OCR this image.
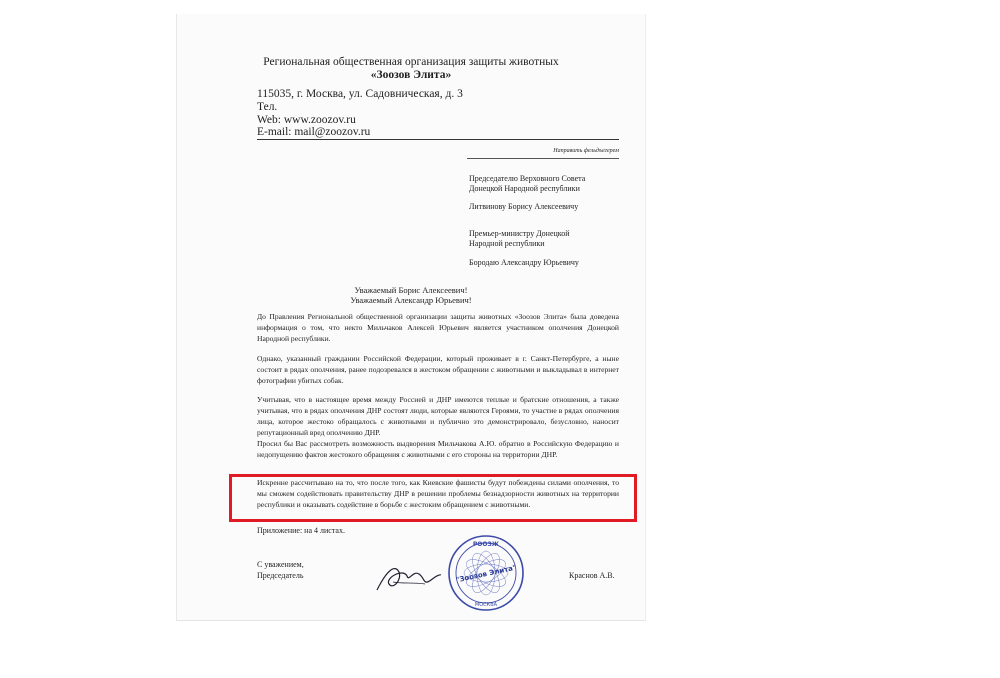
Региональная общественная организация защиты животных
«Зоозов Элита»
115035, г. Москва, ул. Садовническая, д. 3
Тел.
Web: www.zoozov.ru
E-mail: mail@zoozov.ru
Направить фельдъегерем
Председателю Верховного Совета
Донецкой Народной республики
Литвинову Борису Алексеевичу
Премьер-министру Донецкой
Народной республики
Бородаю Александру Юрьевичу
Уважаемый Борис Алексеевич!
Уважаемый Александр Юрьевич!
До Правления Региональной общественной организации защиты животных «Зоозов Элита» была доведена информация о том, что некто Мильчаков Алексей Юрьевич является участником ополчения Донецкой Народной республики.
Однако, указанный гражданин Российской Федерации, который проживает в г. Санкт-Петербурге, а ныне состоит в рядах ополчения, ранее подозревался в жестоком обращении с животными и выкладывал в интернет фотографии убитых собак.
Учитывая, что в настоящее время между Россией и ДНР имеются теплые и братские отношения, а также учитывая, что в рядах ополчения ДНР состоят люди, которые являются Героями, то участие в рядах ополчения лица, которое жестоко обращалось с животными и публично это демонстрировало, безусловно, наносит репутационный вред ополчению ДНР.
Просил бы Вас рассмотреть возможность выдворения Мильчакова А.Ю. обратно в Российскую Федерацию и недопущению фактов жестокого обращения с животными с его стороны на территории ДНР.
Искренне рассчитываю на то, что после того, как Киевские фашисты будут побеждены силами ополчения, то мы сможем содействовать правительству ДНР в решении проблемы безнадзорности животных на территории республики и оказывать содействие в борьбе с жестоким обращением с животными.
Приложение: на 4 листах.
С уважением,
Председатель	Краснов А.В.
РООЗЖ
"Зоозов Элита"
МОСКВА
